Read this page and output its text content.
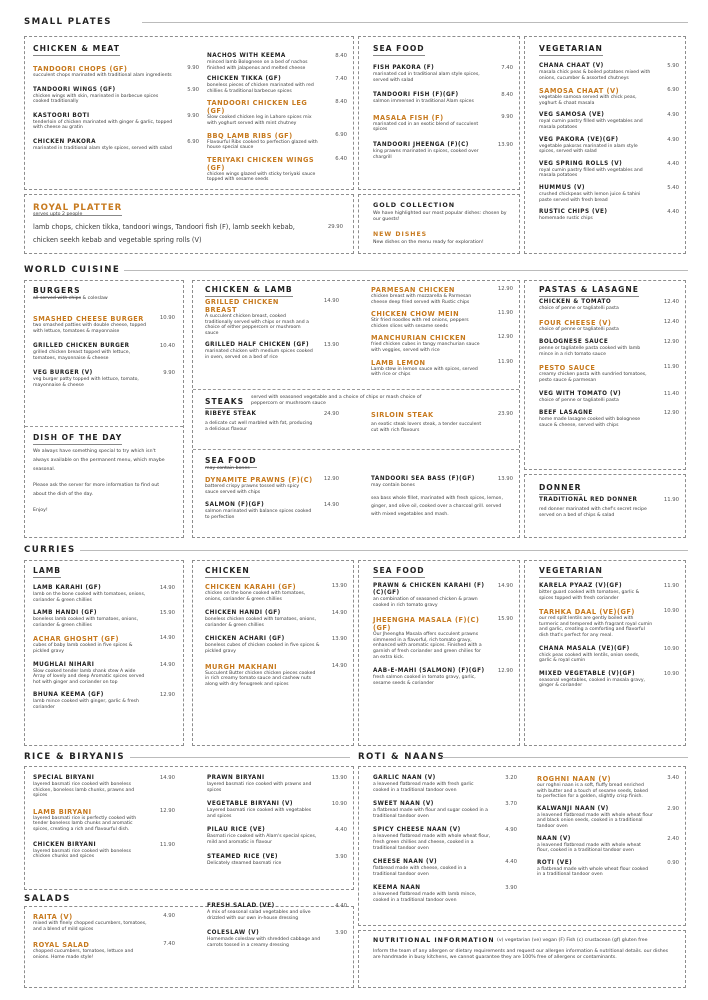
SMALL PLATES
CHICKEN & MEAT
TANDOORI CHOPS (GF)	9.90
succulent chops marinated with traditional alam ingredients
TANDOORI WINGS (GF)	5.90
chicken wings with skin, marinated in barbecue spices cooked traditionally
KASTOORI BOTI	9.90
tenderloin of chicken marinated with ginger & garlic, topped with cheese au gratin
CHICKEN PAKORA	6.90
marinated in traditional alam style spices, served with salad
NACHOS WITH KEEMA	8.40
minced lamb Bolognese on a bed of nachos finished with jalapenos and melted cheese
CHICKEN TIKKA (GF)	7.40
boneless pieces of chicken marinated with red chillies & traditional barbecue spices
TANDOORI CHICKEN LEG (GF)
8.40
Slow cooked chicken leg in Lahore spices mix with yoghurt served with mint chutney
BBQ LAMB RIBS (GF)	6.90
Flavourful Ribs cooked to perfection glazed with house special sauce
TERIYAKI CHICKEN WINGS (GF)
6.40
chicken wings glazed with sticky teriyaki sauce topped with sesame seeds
ROYAL PLATTER
serves upto 2 people
lamb chops, chicken tikka, tandoori wings, Tandoori fish (F), lamb seekh kebab, chicken seekh kebab and vegetable spring rolls (V)
29.90
SEA FOOD
FISH PAKORA (F)	7.40
marinated cod in traditional alam style spices, served with salad
TANDOORI FISH (F)(GF)	8.40
salmon immersed in traditional Alam spices
MASALA FISH (F)	9.90
marinated cod in an exotic blend of succulent spices
TANDOORI JHEENGA (F)(C)	13.90
king prawns marinated in spices, cooked over chargrill
GOLD COLLECTION
We have highlighted our most popular dishes: chosen by our guests!
NEW DISHES
New dishes on the menu ready for exploration!
VEGETARIAN
CHANA CHAAT (V)	5.90
masala chick peas & boiled potatoes mixed with onions, cucumber & assorted chutneys
SAMOSA CHAAT (V)	6.90
vegetable samosa served with chick peas, yoghurt & chaat masala
VEG SAMOSA (VE)	4.90
royal cumin pastry filled with vegetables and masala potatoes
VEG PAKORA (VE)(GF)	4.90
vegetable pakoras marinated in alam style spices, served with salad
VEG SPRING ROLLS (V)	4.40
royal cumin pastry filled with vegetables and masala potatoes
HUMMUS (V)	5.40
crushed chickpeas with lemon juice & tahini paste served with fresh bread
RUSTIC CHIPS (VE)	4.40
homemade rustic chips
WORLD CUISINE
BURGERS
all served with chips & coleslaw
SMASHED CHEESE BURGER	10.90
two smashed patties with double cheese, topped with lettuce, tomatoes & mayonnaise
GRILLED CHICKEN BURGER	10.40
grilled chicken breast topped with lettuce, tomatoes, mayonnaise & cheese
VEG BURGER (V)	9.90
veg burger patty topped with lettuce, tomato, mayonnaise & cheese
DISH OF THE DAY
We always have something special to try which isn't always available on the permanent menu, which maybe seasonal.
Please ask the server for more information to find out about the dish of the day.
Enjoy!
CHICKEN & LAMB
GRILLED CHICKEN BREAST
14.90
A succulent chicken breast, cooked traditionally served with chips or mash and a choice of either peppercorn or mushroom sauce
GRILLED HALF CHICKEN (GF)	13.90
marinated chicken with medium spices cooked in oven, served on a bed of rice
PARMESAN CHICKEN	12.90
chicken breast with mozzarella & Parmesan cheese deep fried served with Rustic chips
CHICKEN CHOW MEIN	11.90
Stir fried noodles with red onions, peppers chicken slices with sesame seeds
MANCHURIAN CHICKEN	12.90
fried chicken cubes in tangy manchurian sauce with veggies, served with rice
LAMB LEMON	11.90
Lamb stew in lemon sauce with spices, served with rice or chips
STEAKS served with seasoned vegetable and a choice of chips or mash choice of peppercorn or mushroom sauce
RIBEYE STEAK	24.90
a delicate cut well marbled with fat, producing a delicious flavour
SIRLOIN STEAK	23.90
an exotic steak lovers steak, a tender succulent cut with rich flavours
SEA FOOD
may contain bones
DYNAMITE PRAWNS (F)(C)	12.90
battered crispy prawns tossed with spicy sauce served with chips
SALMON (F)(GF)	14.90
salmon marinated with balance spices cooked to perfection
TANDOORI SEA BASS (F)(GF)	13.90
may contain bones
sea bass whole fillet, marinated with fresh spices, lemon, ginger, and olive oil, cooked over a charcoal grill. served with mixed vegetables and mash.
PASTAS & LASAGNE
CHICKEN & TOMATO	12.40
choice of penne or tagliatelli pasta
FOUR CHEESE (V)	12.40
choice of penne or tagliatelli pasta
BOLOGNESE SAUCE	12.90
penne or tagliatelle pasta cooked with lamb mince in a rich tomato sauce
PESTO SAUCE	11.90
creamy chicken pasta with sundried tomatoes, pesto sauce & parmesan
VEG WITH TOMATO (V)	11.40
choice of penne or tagliatelli pasta
BEEF LASAGNE	12.90
home made lasagne cooked with bolognese sauce & cheese, served with chips
DONNER
TRADITIONAL RED DONNER	11.90
red donner marinated with chef's secret recipe served on a bed of chips & salad
CURRIES
LAMB
LAMB KARAHI (GF)	14.90
lamb on the bone cooked with tomatoes, onions, coriander & green chillies
LAMB HANDI (GF)	15.90
boneless lamb cooked with tomatoes, onions, coriander & green chillies
ACHAR GHOSHT (GF)	14.90
cubes of baby lamb cooked in five spices & pickled gravy
MUGHLAI NIHARI	14.90
Slow cooked tender lamb shank stew A wide Array of lovely and deep Aromatic spices served hot with ginger and coriander on top
BHUNA KEEMA (GF)	12.90
lamb mince cooked with ginger, garlic & fresh coriander
CHICKEN
CHICKEN KARAHI (GF)	13.90
chicken on the bone cooked with tomatoes, onions, coriander & green chillies
CHICKEN HANDI (GF)	14.90
boneless chicken cooked with tomatoes, onions, coriander & green chillies
CHICKEN ACHARI (GF)	13.90
boneless cubes of chicken cooked in five spices & pickled gravy
MURGH MAKHANI	14.90
Succulent Butter chicken chicken pieces cooked in rich creamy tomato sauce and cashew nuts along with dry fenugreek and spices
SEA FOOD
PRAWN & CHICKEN KARAHI (F)(C)(GF)
14.90
an combination of seasoned chicken & prawn cooked in rich tomato gravy
JHEENGHA MASALA (F)(C)(GF)
15.90
Our Jheengha Masala offers succulent prawns simmered in a flavorful, rich tomato gravy, enhanced with aromatic spices. Finished with a garnish of fresh coriander and green chilies for an extra kick.
AAB-E-MAHI (SALMON) (F)(GF)	12.90
fresh salmon cooked in tomato gravy, garlic, sesame seeds & coriander
VEGETARIAN
KARELA PYAAZ (V)(GF)	11.90
bitter guard cooked with tomatoes, garlic & spices topped with fresh coriander
TARHKA DAAL (VE)(GF)	10.90
our red split lentils are gently boiled with turmeric and tempered with fragrant royal cumin and garlic, creating a comforting and flavorful dish that's perfect for any meal.
CHANA MASALA (VE)(GF)	10.90
chick peas cooked with lentils, onion seeds, garlic & royal cumin
MIXED VEGETABLE (V)(GF)	10.90
seasonal vegetables, cooked in masala gravy, ginger & coriander
RICE & BIRYANIS	ROTI & NAANS
SPECIAL BIRYANI	14.90
layered basmati rice cooked with boneless chicken, boneless lamb chunks, prawns and spices
LAMB BIRYANI	12.90
layered basmati rice is perfectly cooked with tender boneless lamb chunks and aromatic spices, creating a rich and flavourful dish.
CHICKEN BIRYANI	11.90
layered basmati rice cooked with boneless chicken chunks and spices
PRAWN BIRYANI	13.90
layered basmati rice cooked with prawns and spices
VEGETABLE BIRYANI (V)	10.90
Layered basmati rice cooked with vegetables and spices
PILAU RICE (VE)	4.40
Basmati rice cooked with Alam's special spices, mild and aromatic in flavour
STEAMED RICE (VE)	3.90
Delicately steamed basmati rice
SALADS
RAITA (V)	4.90
mixed with finely chopped cucumbers, tomatoes, and a blend of mild spices
ROYAL SALAD	7.40
chopped cucumbers, tomatoes, lettuce and onions. Home made style!
FRESH SALAD (VE)	4.40
A mix of seasonal salad vegetables and olive drizzled with our own in-house dressing
COLESLAW (V)	3.90
Homemade coleslaw with shredded cabbage and carrots tossed in a creamy dressing
GARLIC NAAN (V)	3.20
a leavened flatbread made with fresh garlic cooked in a traditional tandoor oven
SWEET NAAN (V)	3.70
a flatbread made with flour and sugar cooked in a traditional tandoor oven
SPICY CHEESE NAAN (V)	4.90
a leavened flatbread made with whole wheat flour, fresh green chillies and cheese, cooked in a traditional tandoor oven
CHEESE NAAN (V)	4.40
flatbread made with cheese, cooked in a traditional tandoor oven
KEEMA NAAN	3.90
a leavened flatbread made with lamb mince, cooked in a traditional tandoor oven
ROGHNI NAAN (V)	3.40
our roghni naan is a soft, fluffy bread enriched with butter and a touch of sesame seeds, baked to perfection for a golden, slightly crisp finish.
KALWANJI NAAN (V)	2.90
a leavened flatbread made with whole wheat flour and black onion seeds, cooked in a traditional tandoor oven
NAAN (V)	2.40
a leavened flatbread made with whole wheat flour, cooked in a traditional tandoor oven
ROTI (VE)	0.90
a flatbread made with whole wheat flour cooked in a traditional tandoor oven
NUTRITIONAL INFORMATION (v) vegetarian (ve) vegan (F) Fish (c) crustacean (gf) gluten free
Inform the team of any allergen or dietary requirements and request our allergen information & nutritional details. our dishes are handmade in busy kitchens, we cannot guarantee they are 100% free of allergens or contaminants.
